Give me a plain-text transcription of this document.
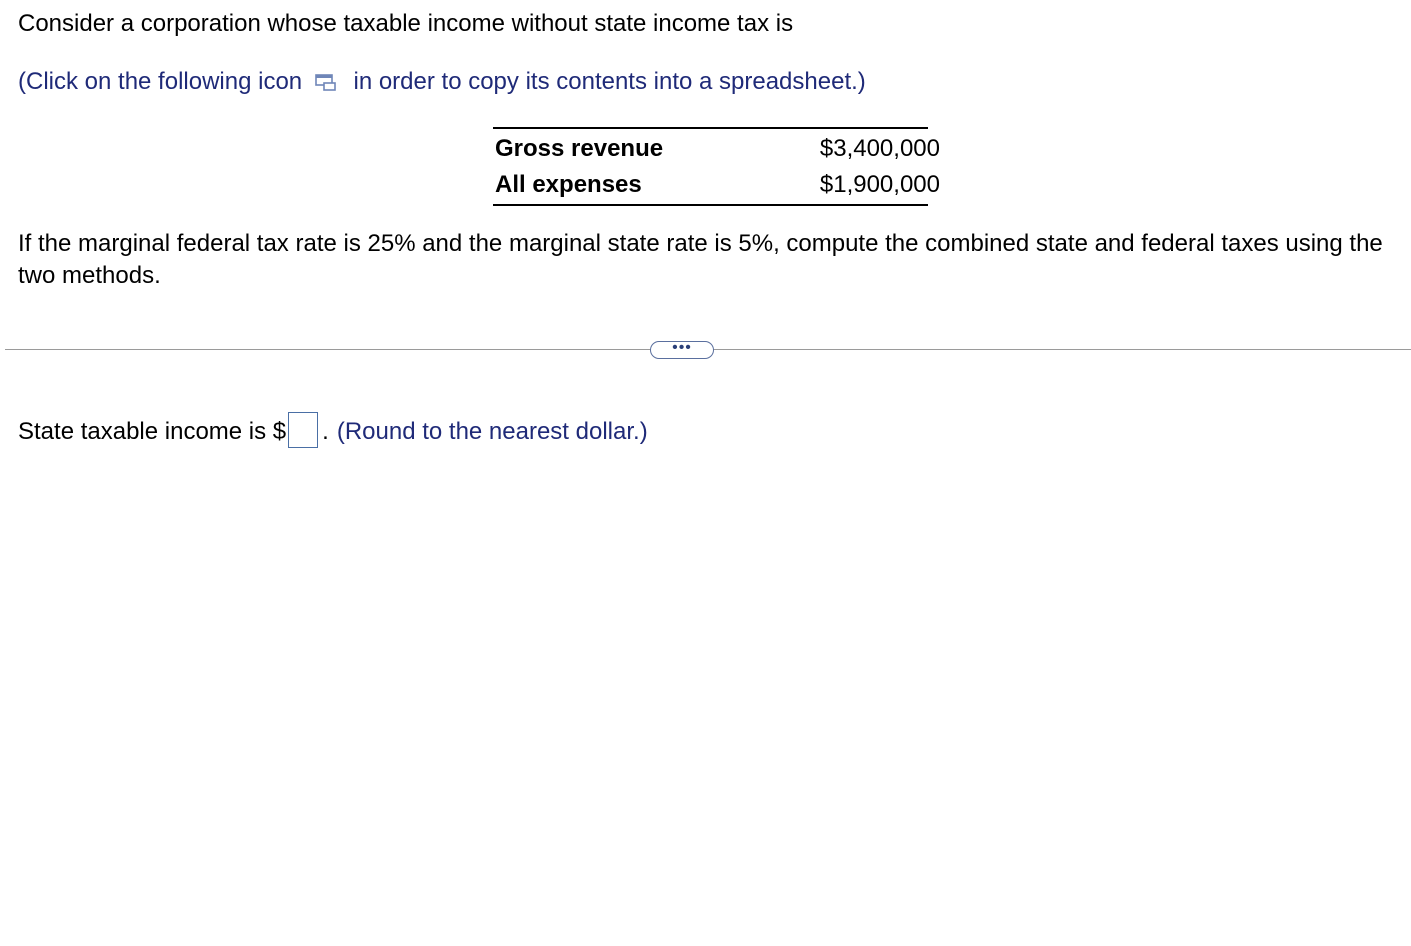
Consider a corporation whose taxable income without state income tax is
(Click on the following icon in order to copy its contents into a spreadsheet.)
Gross revenue	$3,400,000
All expenses	$1,900,000
If the marginal federal tax rate is 25% and the marginal state rate is 5%, compute the combined state and federal taxes using the two methods.
•••
State taxable income is $ . (Round to the nearest dollar.)
